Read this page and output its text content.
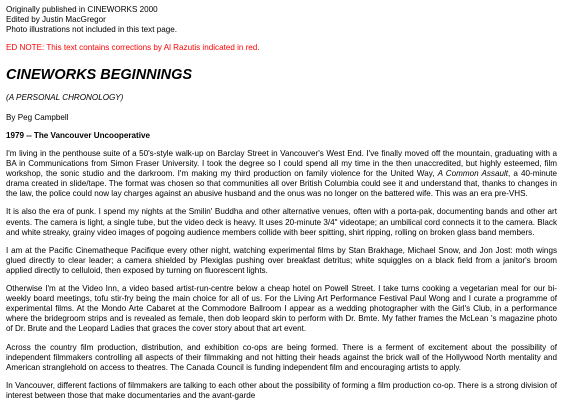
Originally published in CINEWORKS 2000
Edited by Justin MacGregor
Photo illustrations not included in this text page.
ED NOTE: This text contains corrections by Al Razutis indicated in red.
CINEWORKS BEGINNINGS
(A PERSONAL CHRONOLOGY)
By Peg Campbell
1979 -- The Vancouver Uncooperative

I'm living in the penthouse suite of a 50's-style walk-up on Barclay Street in Vancouver's West End. I've finally moved off the mountain, graduating with a BA in Communications from Simon Fraser University. I took the degree so I could spend all my time in the then unaccredited, but highly esteemed, film workshop, the sonic studio and the darkroom. I'm making my third production on family violence for the United Way, A Common Assault, a 40-minute drama created in slide/tape. The format was chosen so that communities all over British Columbia could see it and understand that, thanks to changes in the law, the police could now lay charges against an abusive husband and the onus was no longer on the battered wife. This was an era pre-VHS.

It is also the era of punk. I spend my nights at the Smilin' Buddha and other alternative venues, often with a porta-pak, documenting bands and other art events. The camera is light, a single tube, but the video deck is heavy. It uses 20-minute 3/4" videotape; an umbilical cord connects it to the camera. Black and white streaky, grainy video images of pogoing audience members collide with beer spitting, shirt ripping, rolling on broken glass band members.

I am at the Pacific Cinematheque Pacifique every other night, watching experimental films by Stan Brakhage, Michael Snow, and Jon Jost: moth wings glued directly to clear leader; a camera shielded by Plexiglas pushing over breakfast detritus; white squiggles on a black field from a janitor's broom applied directly to celluloid, then exposed by turning on fluorescent lights.

Otherwise I'm at the Video Inn, a video based artist-run-centre below a cheap hotel on Powell Street. I take turns cooking a vegetarian meal for our bi-weekly board meetings, tofu stir-fry being the main choice for all of us. For the Living Art Performance Festival Paul Wong and I curate a programme of experimental films. At the Mondo Arte Cabaret at the Commodore Ballroom I appear as a wedding photographer with the Girl's Club, in a performance where the bridegroom strips and is revealed as female, then dob leopard skin to perform with Dr. Bmte. My father frames the McLean 's magazine photo of Dr. Brute and the Leopard Ladies that graces the cover story about that art event.

Across the country film production, distribution, and exhibition co-ops are being formed. There is a ferment of excitement about the possibility of independent filmmakers controlling all aspects of their filmmaking and not hitting their heads against the brick wall of the Hollywood North mentality and American stranglehold on access to theatres. The Canada Council is funding independent film and encouraging artists to apply.

In Vancouver, different factions of filmmakers are talking to each other about the possibility of forming a film production co-op. There is a strong division of interest between those that make documentaries and the avant-garde
